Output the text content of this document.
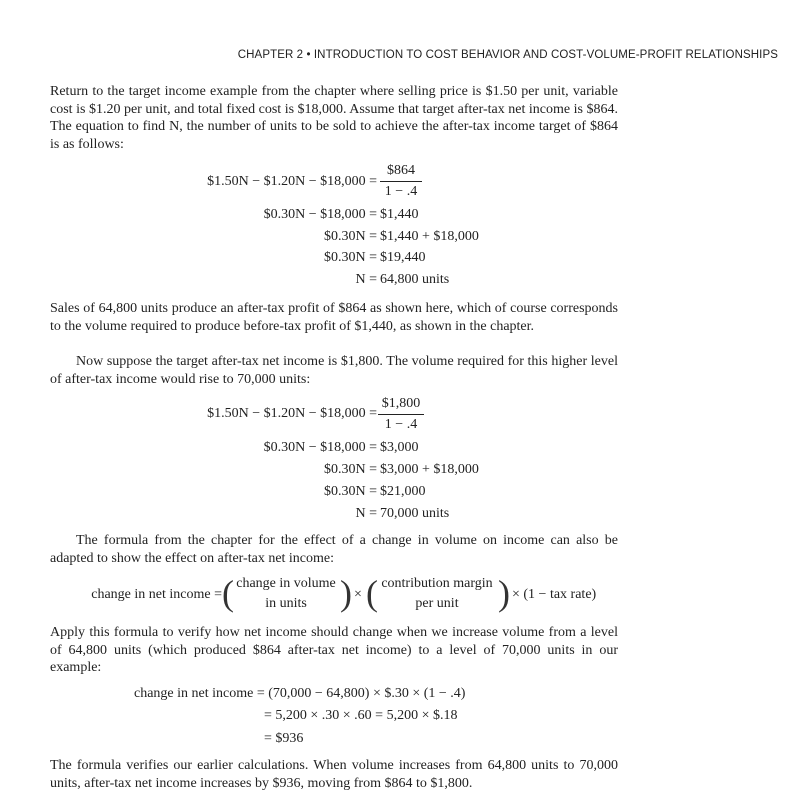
CHAPTER 2 • INTRODUCTION TO COST BEHAVIOR AND COST-VOLUME-PROFIT RELATIONSHIPS

Return to the target income example from the chapter where selling price is $1.50 per unit, variable cost is $1.20 per unit, and total fixed cost is $18,000. Assume that target after-tax net income is $864. The equation to find N, the number of units to be sold to achieve the after-tax income target of $864 is as follows:

$1.50N − $1.20N − $18,000 = $\frac{\$864}{1 - .4}$
$0.30N − $18,000 = $1,440
$0.30N = $1,440 + $18,000
$0.30N = $19,440
N = 64,800 units

Sales of 64,800 units produce an after-tax profit of $864 as shown here, which of course corresponds to the volume required to produce before-tax profit of $1,440, as shown in the chapter.

Now suppose the target after-tax net income is $1,800. The volume required for this higher level of after-tax income would rise to 70,000 units:

$1.50N − $1.20N − $18,000 = $\frac{\$1,800}{1 - .4}$
$0.30N − $18,000 = $3,000
$0.30N = $3,000 + $18,000
$0.30N = $21,000
N = 70,000 units

The formula from the chapter for the effect of a change in volume on income can also be adapted to show the effect on after-tax net income:

change in net income = ( change in volume
in units ) × ( contribution margin
per unit	) × (1 − tax rate)

Apply this formula to verify how net income should change when we increase volume from a level of 64,800 units (which produced $864 after-tax net income) to a level of 70,000 units in our example:

change in net income = (70,000 − 64,800) × $.30 × (1 − .4)
= 5,200 × .30 × .60 = 5,200 × $.18
= $936

The formula verifies our earlier calculations. When volume increases from 64,800 units to 70,000 units, after-tax net income increases by $936, moving from $864 to $1,800.
